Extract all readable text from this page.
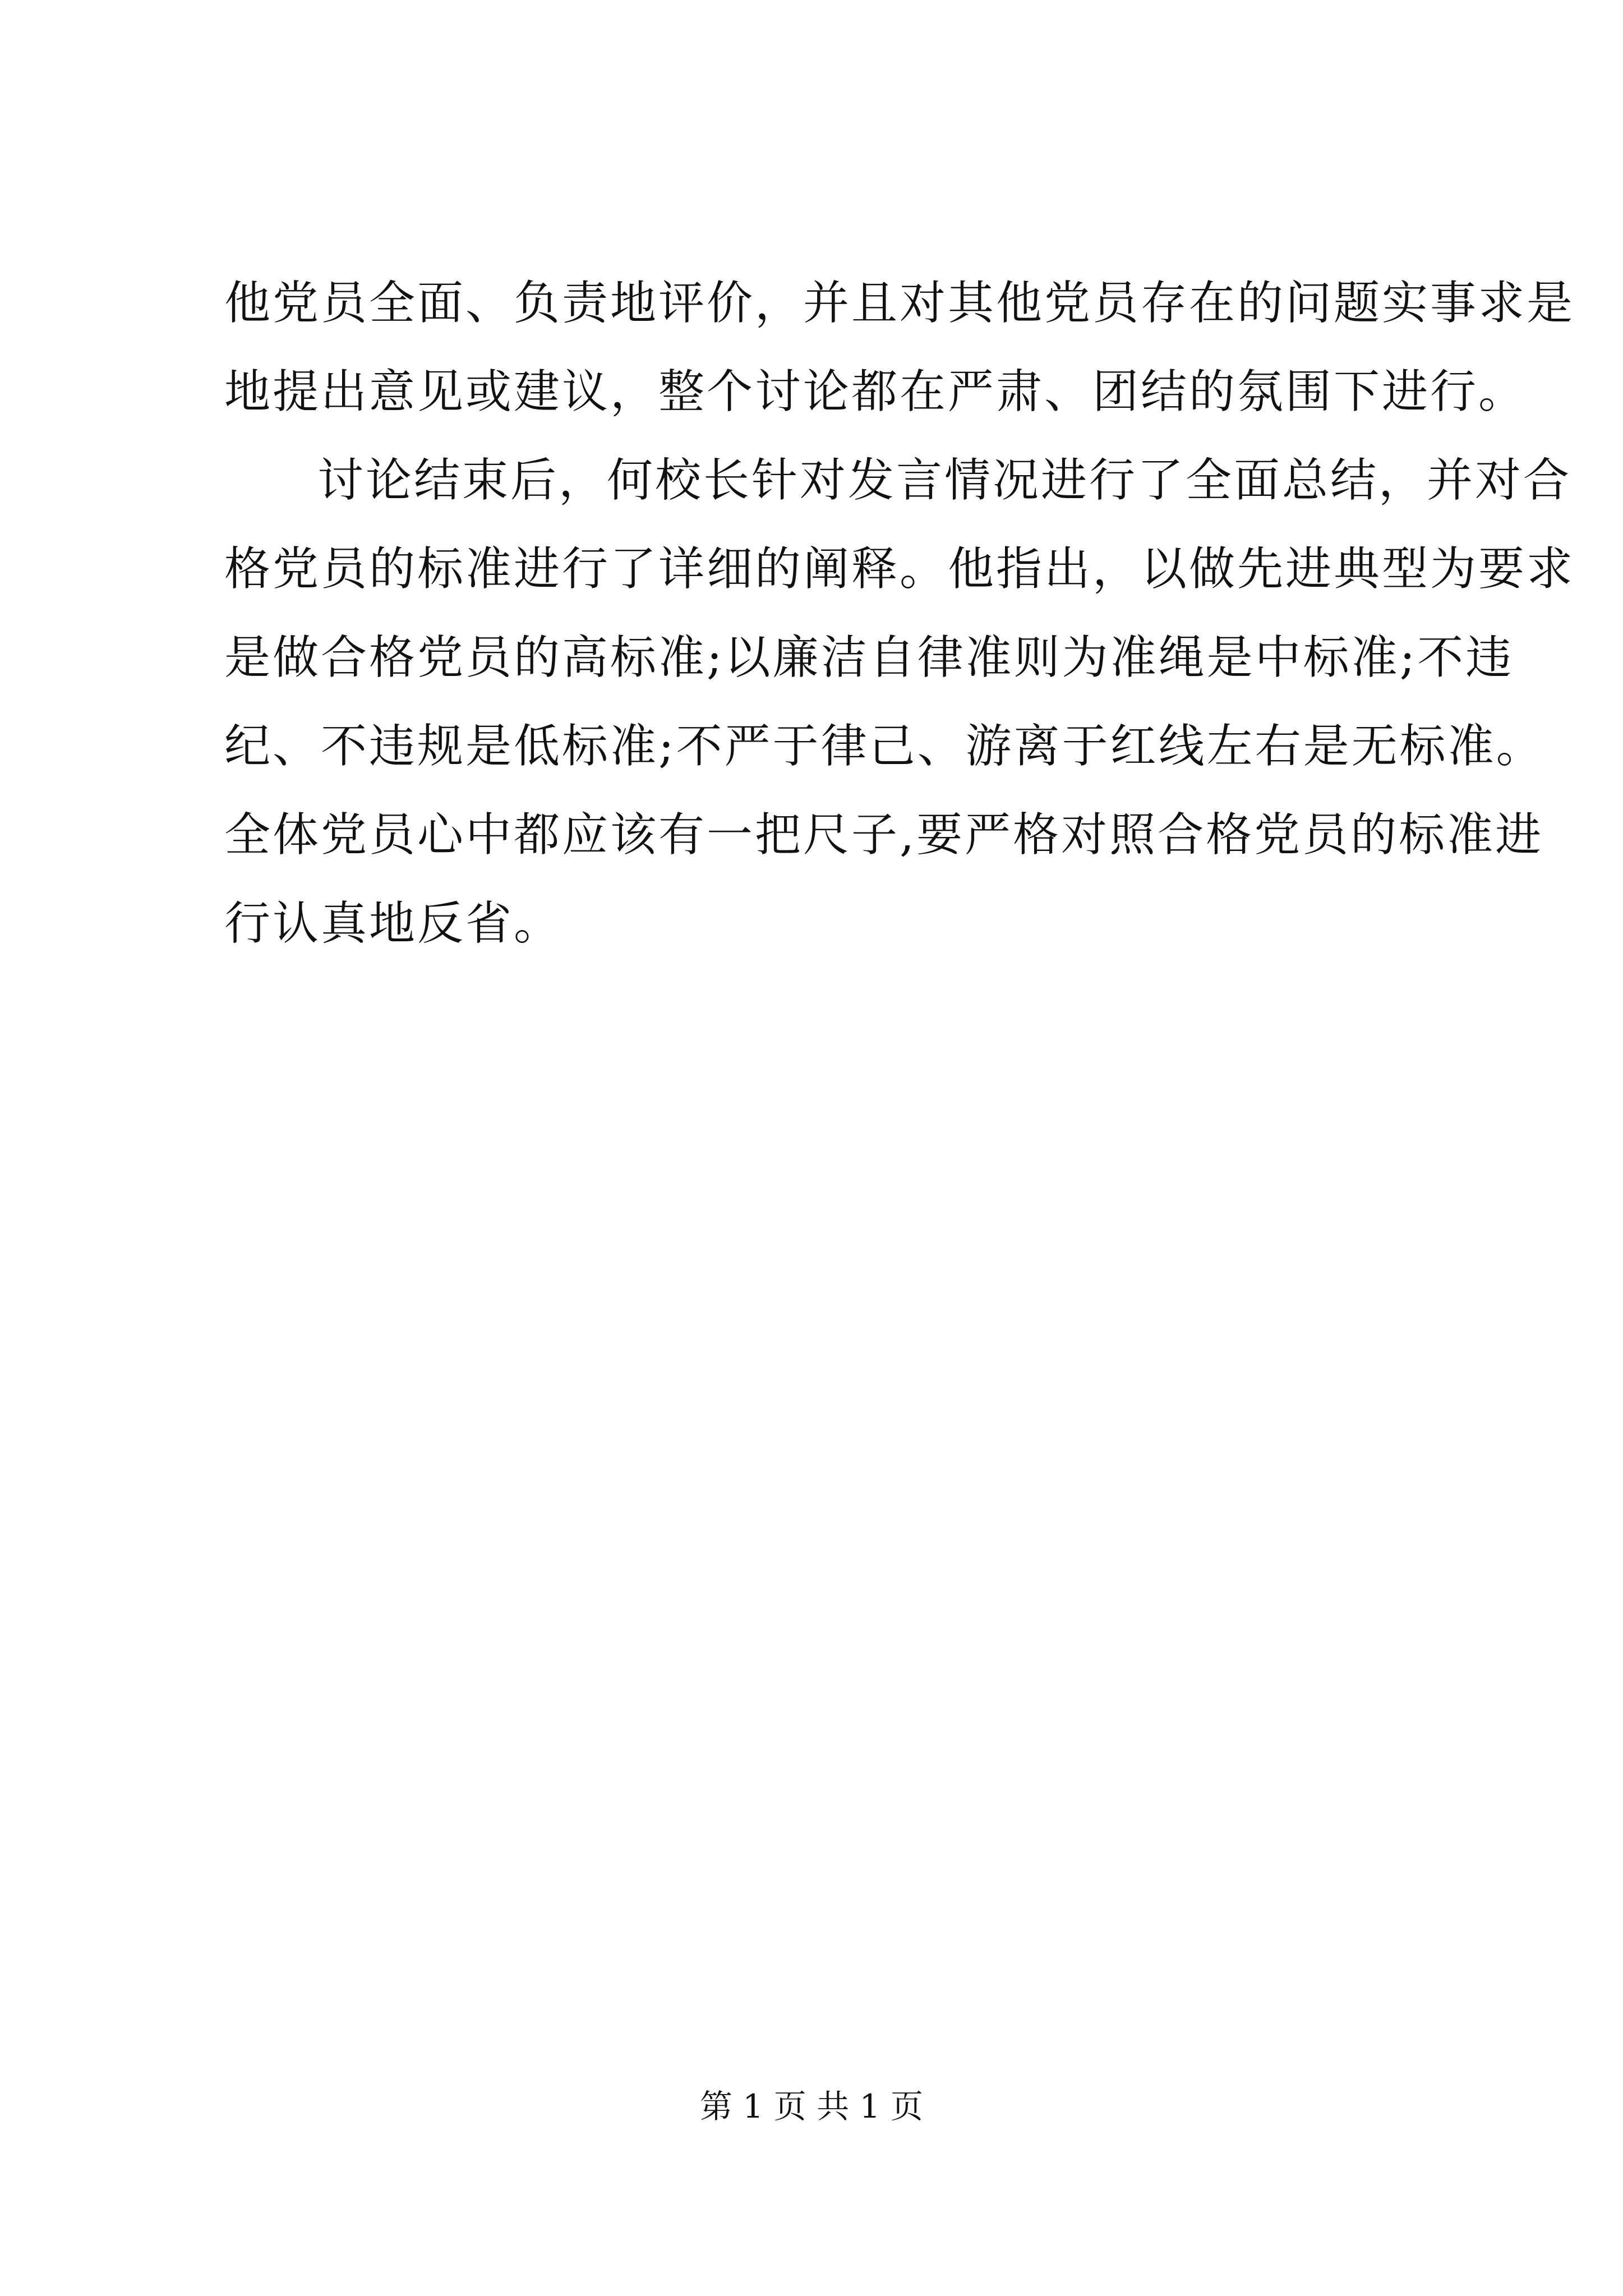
他党员全面、负责地评价，并且对其他党员存在的问题实事求是
地提出意见或建议，整个讨论都在严肃、团结的氛围下进行。
讨论结束后，何校长针对发言情况进行了全面总结，并对合
格党员的标准进行了详细的阐释。他指出，以做先进典型为要求
是做合格党员的高标准;以廉洁自律准则为准绳是中标准;不违
纪、不违规是低标准;不严于律己、游离于红线左右是无标准。
全体党员心中都应该有一把尺子,要严格对照合格党员的标准进
行认真地反省。
第 1 页 共 1 页
